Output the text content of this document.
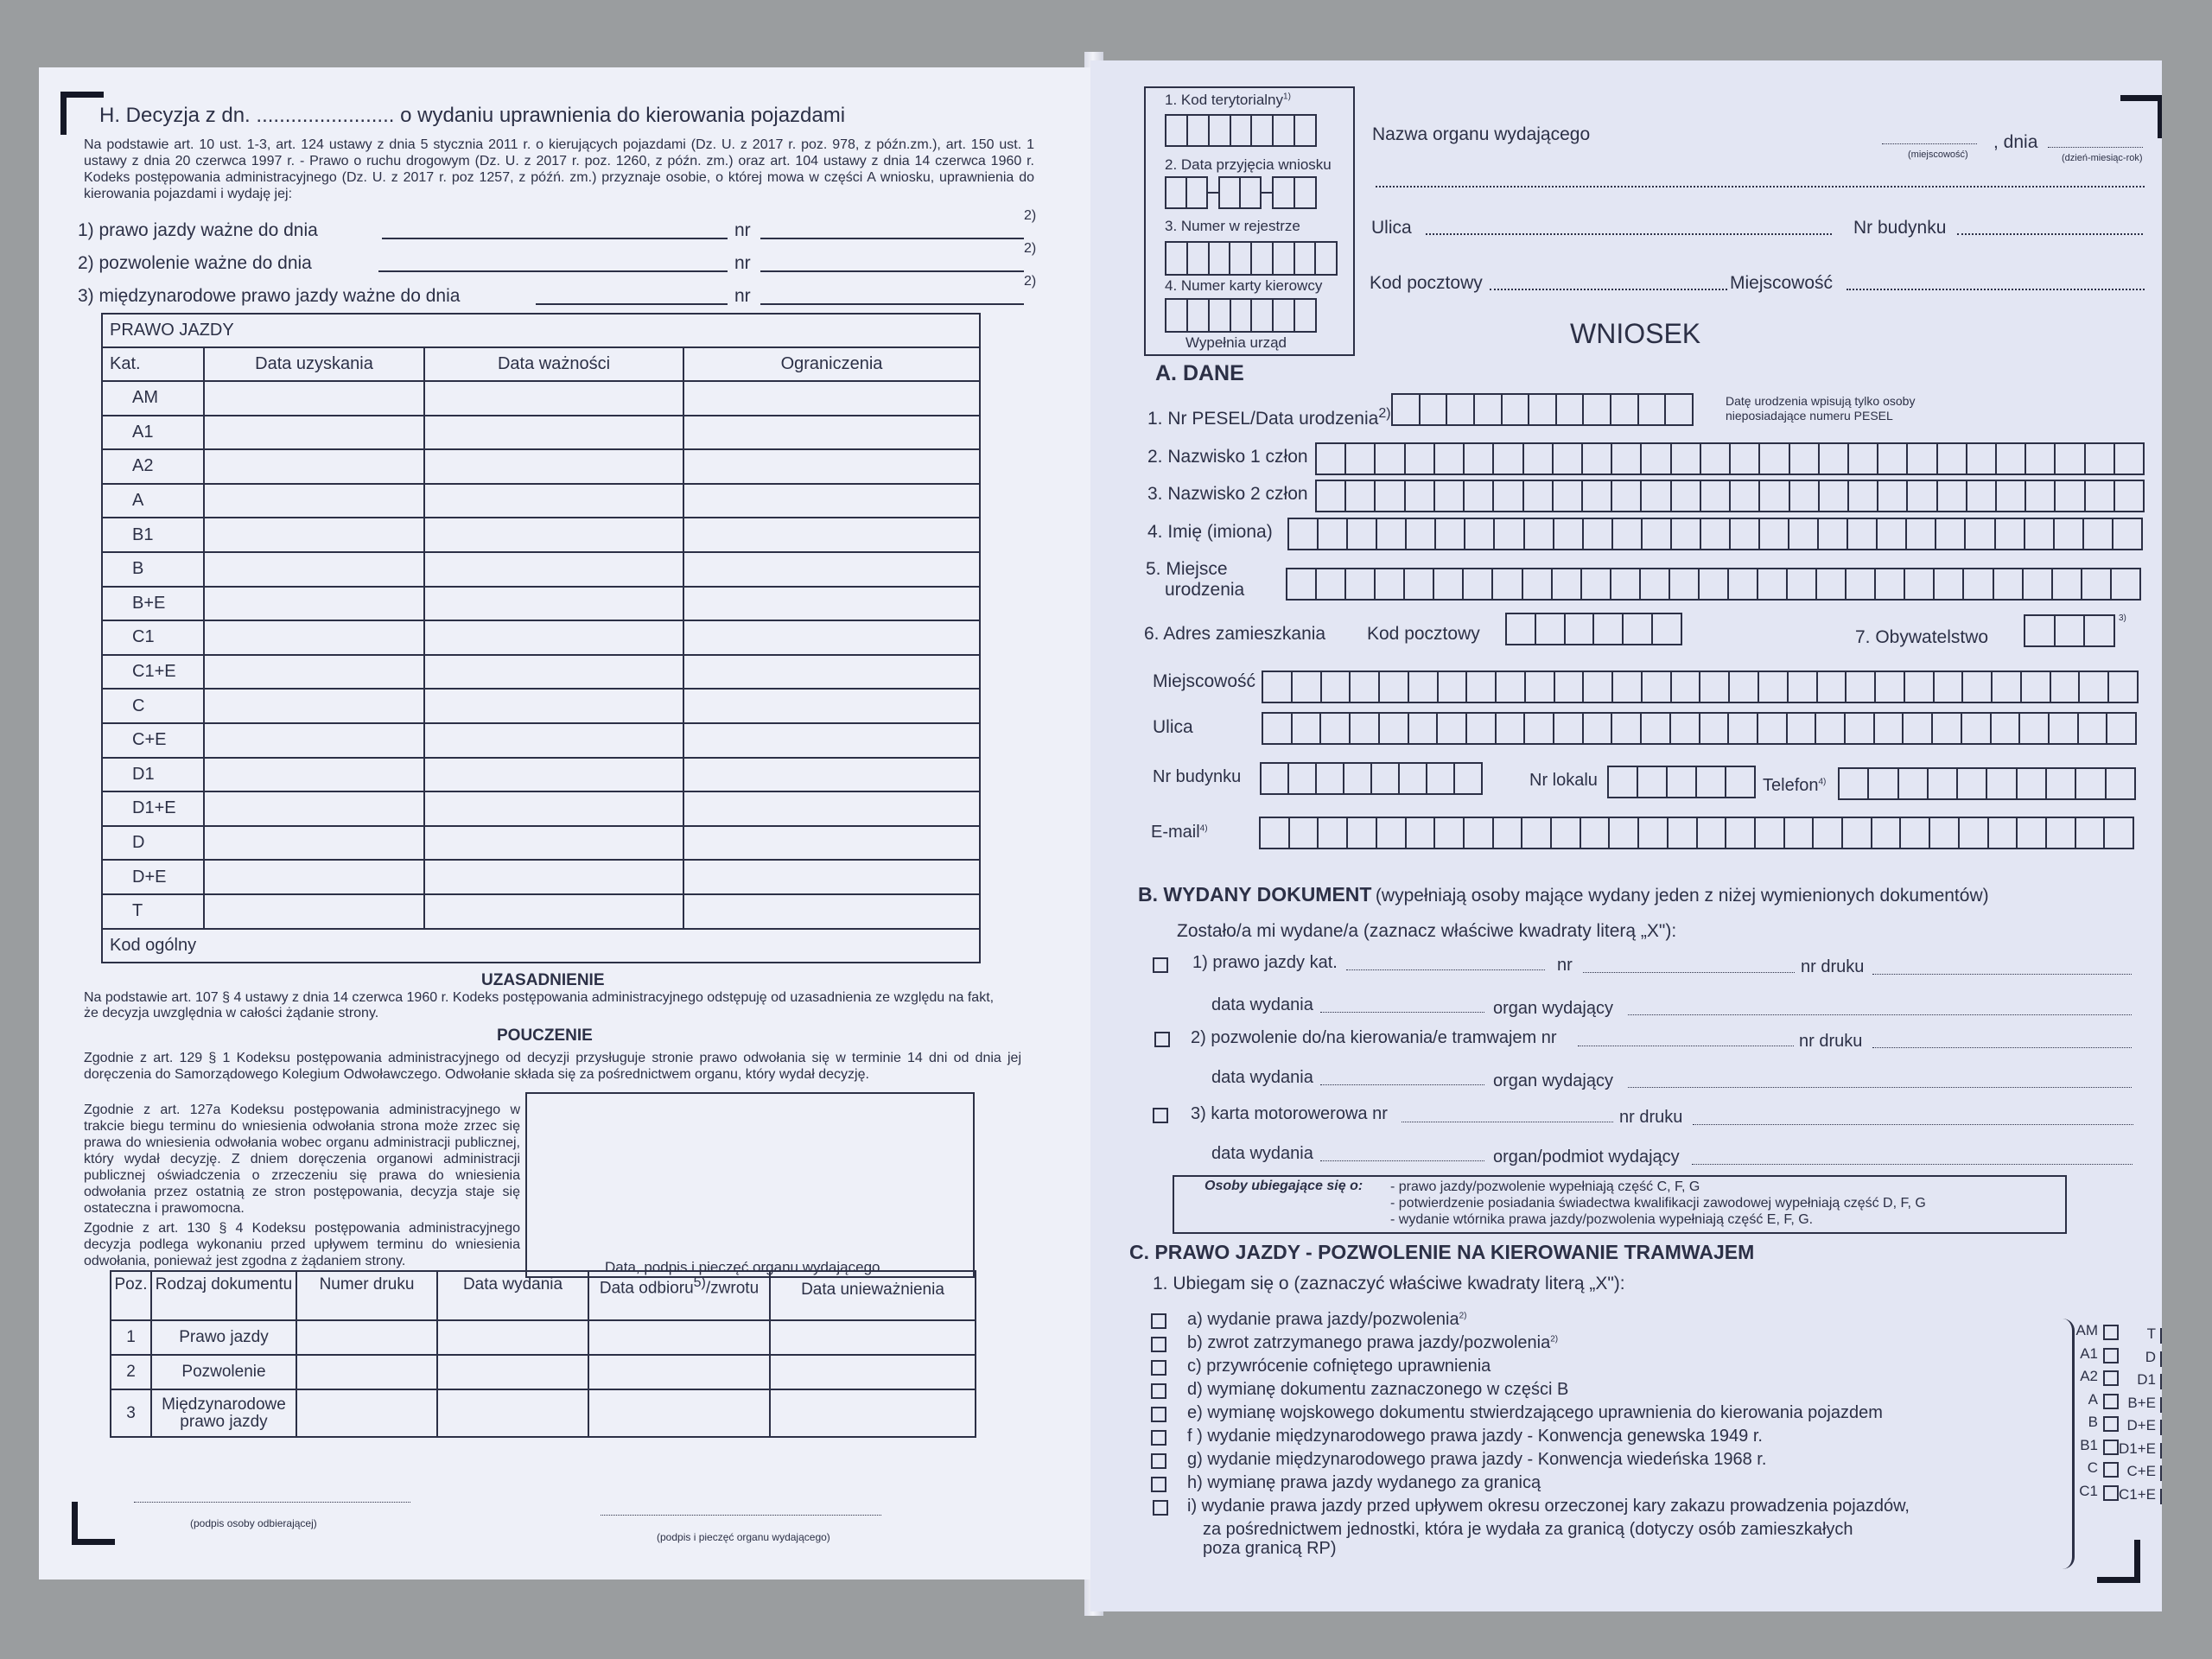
H. Decyzja z dn. ........................ o wydaniu uprawnienia do kierowania pojazdami
Na podstawie art. 10 ust. 1-3, art. 124 ustawy z dnia 5 stycznia 2011 r. o kierujących pojazdami (Dz. U. z 2017 r. poz. 978, z późn.zm.), art. 150 ust. 1 ustawy z dnia 20 czerwca 1997 r. - Prawo o ruchu drogowym (Dz. U. z 2017 r. poz. 1260, z późn. zm.) oraz art. 104 ustawy z dnia 14 czerwca 1960 r. Kodeks postępowania administracyjnego (Dz. U. z 2017 r. poz 1257, z późń. zm.) przyznaje osobie, o której mowa w części A wniosku, uprawnienia do kierowania pojazdami i wydaję jej:
1) prawo jazdy ważne do dnia	nr
2)
2) pozwolenie ważne do dnia	nr
2)
3) międzynarodowe prawo jazdy ważne do dnia	nr
2)
PRAWO JAZDY			
Kat.	Data uzyskania	Data ważności	Ograniczenia
AM			
A1			
A2			
A			
B1			
B			
B+E			
C1			
C1+E			
C			
C+E			
D1			
D1+E			
D			
D+E			
T			
Kod ogólny			
UZASADNIENIE
Na podstawie art. 107 § 4 ustawy z dnia 14 czerwca 1960 r. Kodeks postępowania administracyjnego odstępuję od uzasadnienia ze względu na fakt, że decyzja uwzględnia w całości żądanie strony.
POUCZENIE
Zgodnie z art. 129 § 1 Kodeksu postępowania administracyjnego od decyzji przysługuje stronie prawo odwołania się w terminie 14 dni od dnia jej doręczenia do Samorządowego Kolegium Odwoławczego. Odwołanie składa się za pośrednictwem organu, który wydał decyzję.
Zgodnie z art. 127a Kodeksu postępowania administracyjnego w trakcie biegu terminu do wniesienia odwołania strona może zrzec się prawa do wniesienia odwołania wobec organu administracji publicznej, który wydał decyzję. Z dniem doręczenia organowi administracji publicznej oświadczenia o zrzeczeniu się prawa do wniesienia odwołania przez ostatnią ze stron postępowania, decyzja staje się ostateczna i prawomocna.
Zgodnie z art. 130 § 4 Kodeksu postępowania administracyjnego decyzja podlega wykonaniu przed upływem terminu do wniesienia odwołania, ponieważ jest zgodna z żądaniem strony.	Data, podpis i pieczęć organu wydającego
Poz.	Rodzaj dokumentu	Numer druku	Data wydania	Data odbioru$^{5)}$/zwrotu	Data unieważnienia
1	Prawo jazdy				
2	Pozwolenie				
3	Międzynarodowe prawo jazdy				
(podpis osoby odbierającej)
(podpis i pieczęć organu wydającego)
1. Kod terytorialny$^{1)}$
2. Data przyjęcia wniosku
3. Numer w rejestrze
4. Numer karty kierowcy
Wypełnia urząd
Nazwa organu wydającego
(miejscowość)
, dnia
(dzień-miesiąc-rok)
Ulica	Nr budynku
Kod pocztowy	Miejscowość
WNIOSEK
A. DANE
1. Nr PESEL/Data urodzenia$^{2)}$
Datę urodzenia wpisują tylko osoby nieposiadające numeru PESEL
2. Nazwisko 1 człon
3. Nazwisko 2 człon
4. Imię (imiona)
5. Miejsce
urodzenia
6. Adres zamieszkania Kod pocztowy	7. Obywatelstwo
3)
Miejscowość
Ulica
Nr budynku	Nr lokalu	Telefon$^{4)}$
E-mail$^{4)}$
B. WYDANY DOKUMENT (wypełniają osoby mające wydany jeden z niżej wymienionych dokumentów)
Zostało/a mi wydane/a (zaznacz właściwe kwadraty literą „X"):
1) prawo jazdy kat.	nr	nr druku
data wydania	organ wydający
2) pozwolenie do/na kierowania/e tramwajem nr	nr druku
data wydania	organ wydający
3) karta motorowerowa nr	nr druku
data wydania	organ/podmiot wydający
Osoby ubiegające się o: - prawo jazdy/pozwolenie wypełniają część C, F, G
- potwierdzenie posiadania świadectwa kwalifikacji zawodowej wypełniają część D, F, G
- wydanie wtórnika prawa jazdy/pozwolenia wypełniają część E, F, G.
C. PRAWO JAZDY - POZWOLENIE NA KIEROWANIE TRAMWAJEM
1. Ubiegam się o (zaznaczyć właściwe kwadraty literą „X"):
a) wydanie prawa jazdy/pozwolenia$^{2)}$
b) zwrot zatrzymanego prawa jazdy/pozwolenia$^{2)}$
c) przywrócenie cofniętego uprawnienia
d) wymianę dokumentu zaznaczonego w części B
e) wymianę wojskowego dokumentu stwierdzającego uprawnienia do kierowania pojazdem
f ) wydanie międzynarodowego prawa jazdy - Konwencja genewska 1949 r.
g) wydanie międzynarodowego prawa jazdy - Konwencja wiedeńska 1968 r.
h) wymianę prawa jazdy wydanego za granicą
i) wydanie prawa jazdy przed upływem okresu orzeczonej kary zakazu prowadzenia pojazdów,
za pośrednictwem jednostki, która je wydała za granicą (dotyczy osób zamieszkałych
poza granicą RP)
AM
A1
A2
A
B
B1
C
C1
T
D
D1
B+E
D+E
D1+E
C+E
C1+E
